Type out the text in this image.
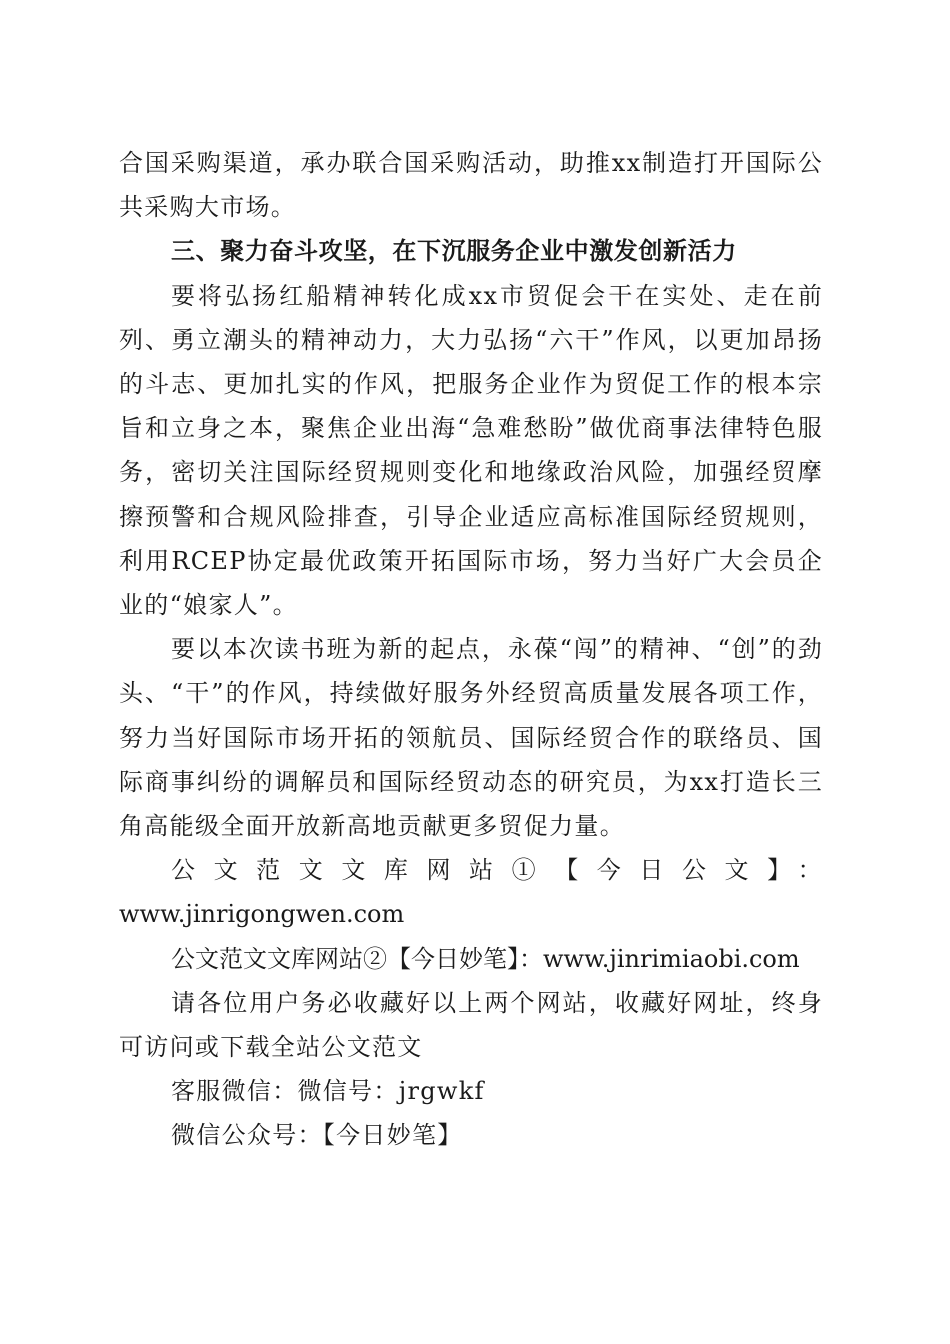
合国采购渠道，承办联合国采购活动，助推xx制造打开国际公共采购大市场。

三、聚力奋斗攻坚，在下沉服务企业中激发创新活力

要将弘扬红船精神转化成xx市贸促会干在实处、走在前列、勇立潮头的精神动力，大力弘扬“六干”作风，以更加昂扬的斗志、更加扎实的作风，把服务企业作为贸促工作的根本宗旨和立身之本，聚焦企业出海“急难愁盼”做优商事法律特色服务，密切关注国际经贸规则变化和地缘政治风险，加强经贸摩擦预警和合规风险排查，引导企业适应高标准国际经贸规则，利用RCEP协定最优政策开拓国际市场，努力当好广大会员企业的“娘家人”。

要以本次读书班为新的起点，永葆“闯”的精神、“创”的劲头、“干”的作风，持续做好服务外经贸高质量发展各项工作，努力当好国际市场开拓的领航员、国际经贸合作的联络员、国际商事纠纷的调解员和国际经贸动态的研究员，为xx打造长三角高能级全面开放新高地贡献更多贸促力量。

公文范文文库网站①【今日公文】： www.jinrigongwen.com

公文范文文库网站②【今日妙笔】：www.jinrimiaobi.com

请各位用户务必收藏好以上两个网站，收藏好网址，终身可访问或下载全站公文范文

客服微信：微信号：jrgwkf

微信公众号：【今日妙笔】
